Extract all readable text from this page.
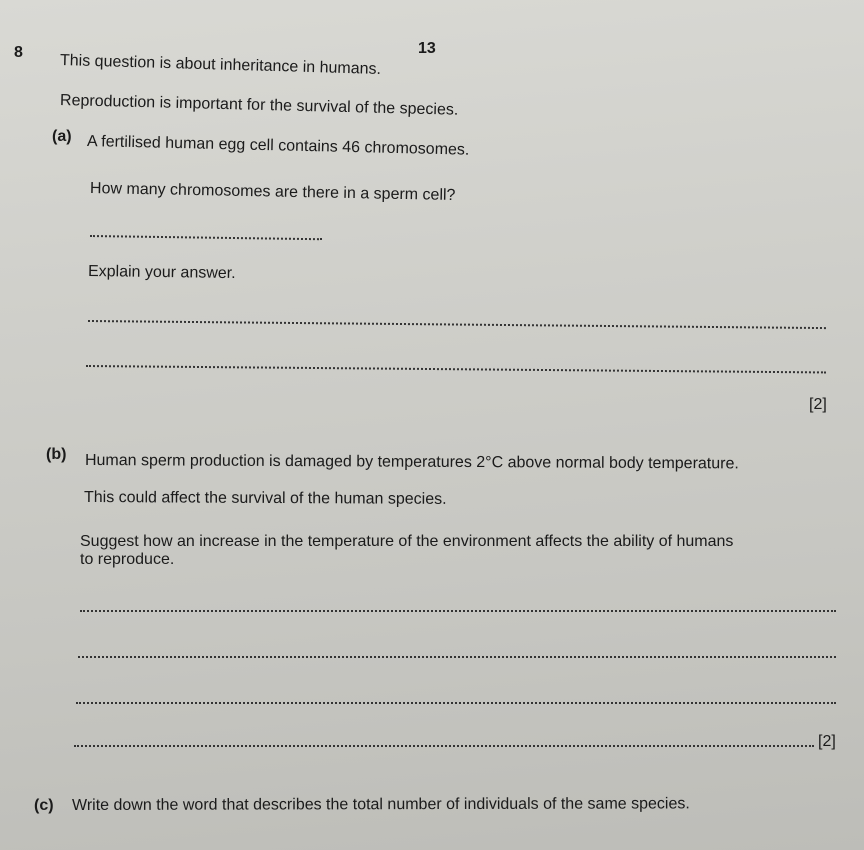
13
8 This question is about inheritance in humans.
Reproduction is important for the survival of the species.
(a) A fertilised human egg cell contains 46 chromosomes.
How many chromosomes are there in a sperm cell?
Explain your answer.
[2]
(b) Human sperm production is damaged by temperatures 2°C above normal body temperature.
This could affect the survival of the human species.
Suggest how an increase in the temperature of the environment affects the ability of humans
to reproduce.
[2]
(c) Write down the word that describes the total number of individuals of the same species.
